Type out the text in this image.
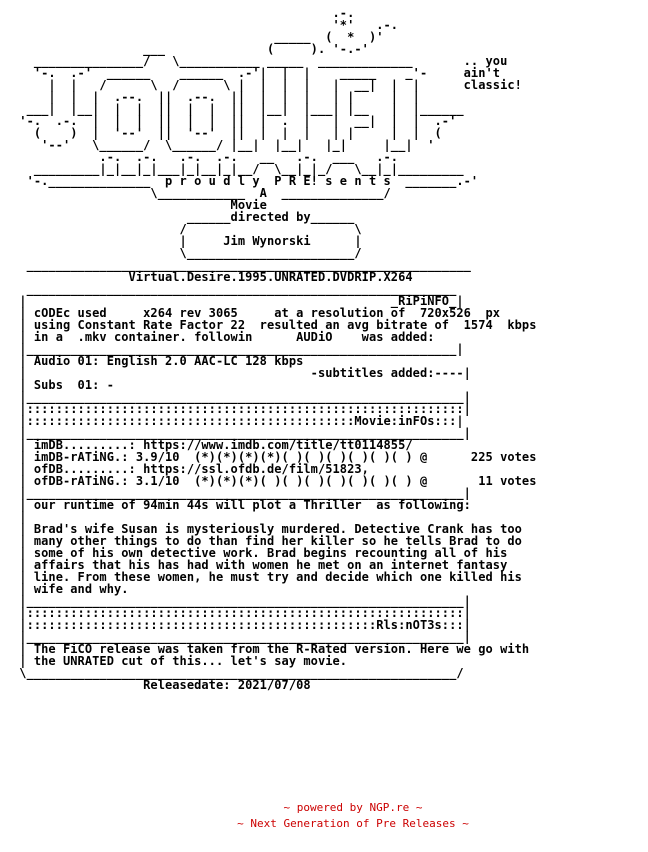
.-.
'*'   .-.
_____  (  *  )'
___              (     ). '-.-'
_______________/   \___________ _____  _____________       .. you
'-.  .-'  ______    ______  .-'|  |  |    _____    _'-     ain't
|  |   /      \  /      \ |  |  |  |   |  __|  |  |      classic!
|  |  |  .--.  ||  .--.  ||  |  |  |   | |     |  |
___|  |__|  |  |  ||  |  |  ||  |__|  |___| |__   |  |______
'-.  .-.  |  |  |  ||  |  |  ||  |  .  |   |  __|  |  |  .-'
(    )  |  '--'  ||  '--'  ||  |  |  |   | |     |  |  (
'--'   \______/  \______/ |__|  |__|   |_|     |__|  '
.-.  .-.   .-.  .-.   __   .-.  ___   .-.
_________|_|__|_|___|_|__|_|__/  \__|_|_/   \__|_|_________
'-.______________  p r o u d l y  P R E! s e n t s  _______.-'
\____________  A  ______________/
Movie
______directed by______
/                       \
|     Jim Wynorski      |
\_______________________/
_____________________________________________________________
Virtual.Desire.1995.UNRATED.DVDRIP.X264
___________________________________________________________
|                                                  _RiPiNFO_|
| cODEc used     x264 rev 3065     at a resolution of  720x526  px
| using Constant Rate Factor 22  resulted an avg bitrate of  1574  kbps
| in a  .mkv container. followin      AUDiO    was added:
|___________________________________________________________|
| Audio 01: English 2.0 AAC-LC 128 kbps
|                                       -subtitles added:----|
| Subs  01: -
|____________________________________________________________|
|::::::::::::::::::::::::::::::::::::::::::::::::::::::::::::|
|:::::::::::::::::::::::::::::::::::::::::::::Movie:inFOs:::|
|____________________________________________________________|
| imDB.........: https://www.imdb.com/title/tt0114855/
| imDB-rATiNG.: 3.9/10  (*)(*)(*)(*)( )( )( )( )( )( ) @      225 votes
| ofDB.........: https://ssl.ofdb.de/film/51823,
| ofDB-rATiNG.: 3.1/10  (*)(*)(*)( )( )( )( )( )( )( ) @       11 votes
|____________________________________________________________|
| our runtime of 94min 44s will plot a Thriller  as following:
|
| Brad's wife Susan is mysteriously murdered. Detective Crank has too
| many other things to do than find her killer so he tells Brad to do
| some of his own detective work. Brad begins recounting all of his
| affairs that his has had with women he met on an internet fantasy
| line. From these women, he must try and decide which one killed his
| wife and why.
|____________________________________________________________|
|::::::::::::::::::::::::::::::::::::::::::::::::::::::::::::|
|::::::::::::::::::::::::::::::::::::::::::::::::Rls:nOT3s:::|
|____________________________________________________________|
| The FiCO release was taken from the R-Rated version. Here we go with
| the UNRATED cut of this... let's say movie.
\___________________________________________________________/
Releasedate: 2021/07/08
~ powered by NGP.re ~
~ Next Generation of Pre Releases ~
